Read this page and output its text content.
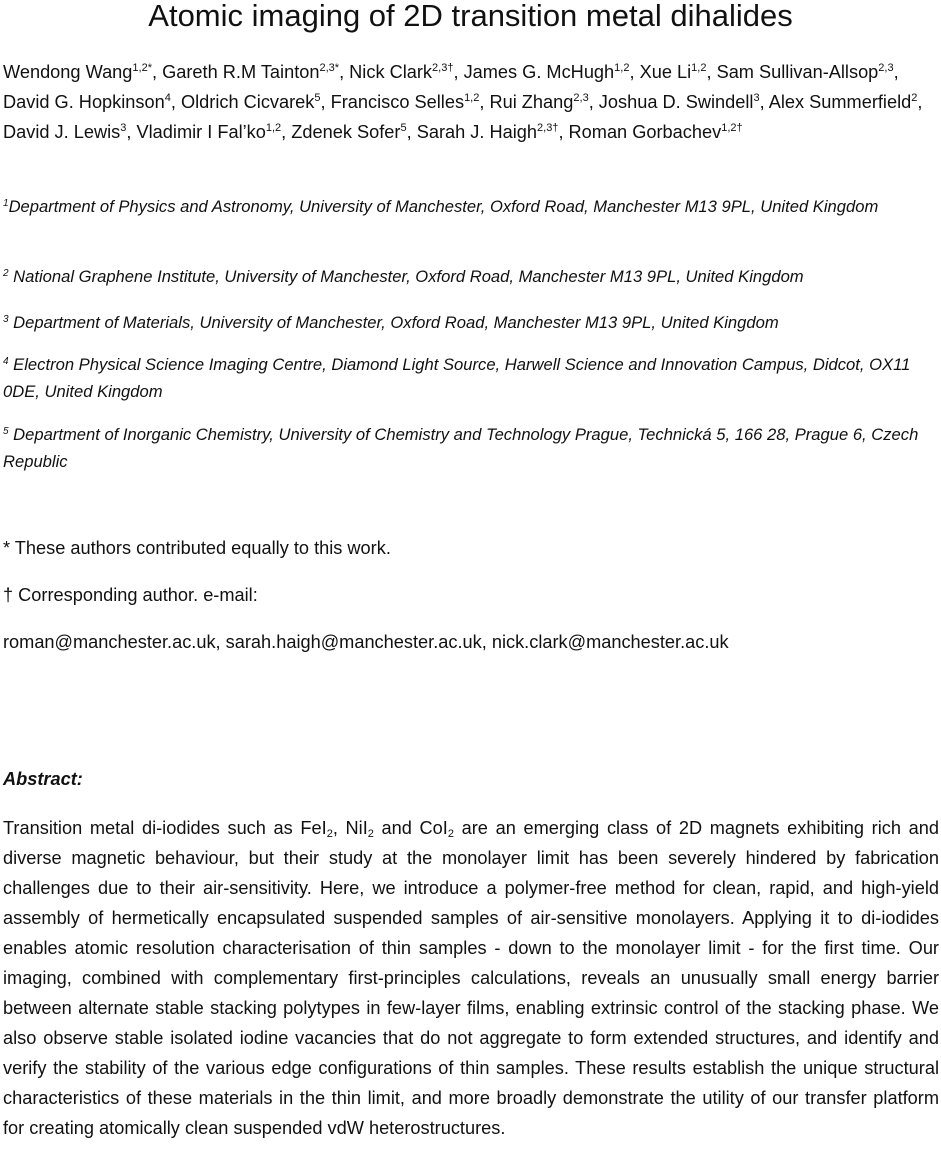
Atomic imaging of 2D transition metal dihalides
Wendong Wang$^{1,2*}$, Gareth R.M Tainton$^{2,3*}$, Nick Clark$^{2,3\dagger}$, James G. McHugh$^{1,2}$, Xue Li$^{1,2}$, Sam Sullivan-Allsop$^{2,3}$, David G. Hopkinson$^4$, Oldrich Cicvarek$^5$, Francisco Selles$^{1,2}$, Rui Zhang$^{2,3}$, Joshua D. Swindell$^3$, Alex Summerfield$^2$, David J. Lewis$^3$, Vladimir I Fal’ko$^{1,2}$, Zdenek Sofer$^5$, Sarah J. Haigh$^{2,3\dagger}$, Roman Gorbachev$^{1,2\dagger}$
$^1$Department of Physics and Astronomy, University of Manchester, Oxford Road, Manchester M13 9PL, United Kingdom
$^2$ National Graphene Institute, University of Manchester, Oxford Road, Manchester M13 9PL, United Kingdom
$^3$ Department of Materials, University of Manchester, Oxford Road, Manchester M13 9PL, United Kingdom
$^4$ Electron Physical Science Imaging Centre, Diamond Light Source, Harwell Science and Innovation Campus, Didcot, OX11 0DE, United Kingdom
$^5$ Department of Inorganic Chemistry, University of Chemistry and Technology Prague, Technická 5, 166 28, Prague 6, Czech Republic
* These authors contributed equally to this work.
† Corresponding author. e-mail:
roman@manchester.ac.uk, sarah.haigh@manchester.ac.uk, nick.clark@manchester.ac.uk
Abstract:

Transition metal di-iodides such as FeI$_2$, NiI$_2$ and CoI$_2$ are an emerging class of 2D magnets exhibiting rich and diverse magnetic behaviour, but their study at the monolayer limit has been severely hindered by fabrication challenges due to their air-sensitivity. Here, we introduce a polymer-free method for clean, rapid, and high-yield assembly of hermetically encapsulated suspended samples of air-sensitive monolayers. Applying it to di-iodides enables atomic resolution characterisation of thin samples - down to the monolayer limit - for the first time. Our imaging, combined with complementary first-principles calculations, reveals an unusually small energy barrier between alternate stable stacking polytypes in few-layer films, enabling extrinsic control of the stacking phase. We also observe stable isolated iodine vacancies that do not aggregate to form extended structures, and identify and verify the stability of the various edge configurations of thin samples. These results establish the unique structural characteristics of these materials in the thin limit, and more broadly demonstrate the utility of our transfer platform for creating atomically clean suspended vdW heterostructures.
